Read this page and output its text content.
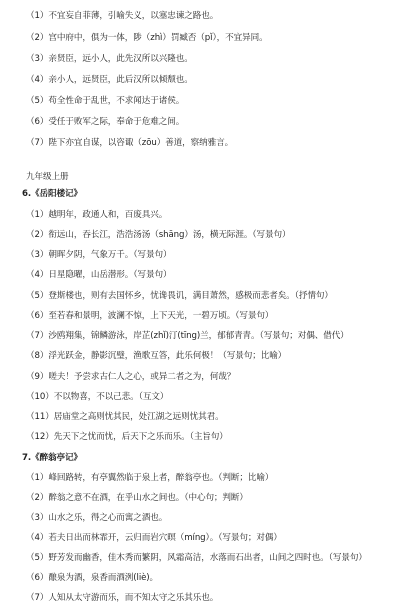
（1）不宜妄自菲薄，引喻失义，以塞忠谏之路也。
（2）宫中府中，俱为一体，陟（zhì）罚臧否（pǐ），不宜异同。
（3）亲贤臣，远小人，此先汉所以兴隆也。
（4）亲小人，远贤臣，此后汉所以倾颓也。
（5）苟全性命于乱世，不求闻达于诸侯。
（6）受任于败军之际，奉命于危难之间。
（7）陛下亦宜自谋，以咨诹（zōu）善道，察纳雅言。
九年级上册
6.《岳阳楼记》
（1）越明年，政通人和，百废具兴。
（2）衔远山，吞长江，浩浩汤汤（shāng）汤，横无际涯。（写景句）
（3）朝晖夕阴，气象万千。（写景句）
（4）日星隐曜，山岳潜形。（写景句）
（5）登斯楼也，则有去国怀乡，忧谗畏讥，满目萧然，感极而悲者矣。（抒情句）
（6）至若春和景明，波澜不惊，上下天光，一碧万顷。（写景句）
（7）沙鸥翔集，锦鳞游泳，岸芷(zhǐ)汀(tīng)兰，郁郁青青。（写景句；对偶、借代）
（8）浮光跃金，静影沉璧，渔歌互答，此乐何极！（写景句；比喻）
（9）嗟夫！予尝求古仁人之心，或异二者之为，何哉？
（10）不以物喜，不以己悲。（互文）
（11）居庙堂之高则忧其民，处江湖之远则忧其君。
（12）先天下之忧而忧，后天下之乐而乐。（主旨句）
7.《醉翁亭记》
（1）峰回路转，有亭翼然临于泉上者，醉翁亭也。（判断；比喻）
（2）醉翁之意不在酒，在乎山水之间也。（中心句；判断）
（3）山水之乐，得之心而寓之酒也。
（4）若夫日出而林霏开，云归而岩穴暝（míng）。（写景句；对偶）
（5）野芳发而幽香，佳木秀而繁阴，风霜高洁，水落而石出者，山间之四时也。（写景句）
（6）酿泉为酒，泉香而酒洌(liè)。
（7）人知从太守游而乐，而不知太守之乐其乐也。
